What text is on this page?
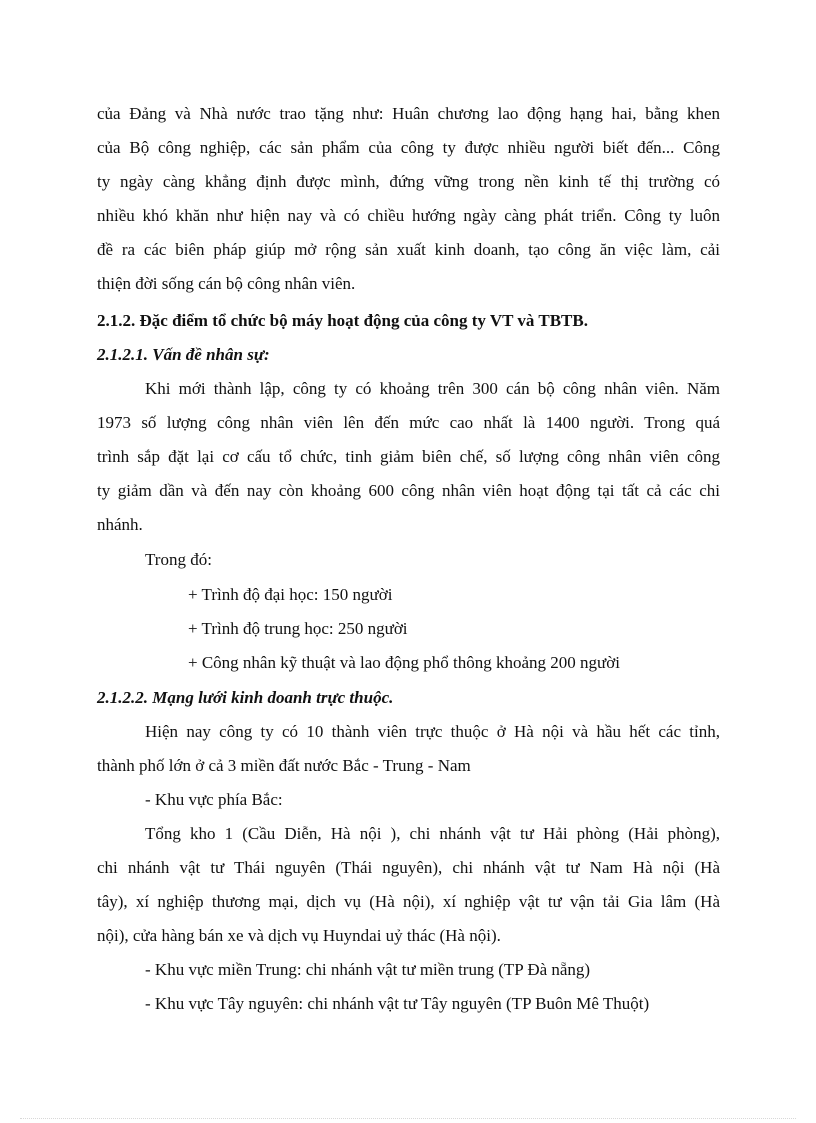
của Đảng và Nhà nước trao tặng như: Huân chương lao động hạng hai, bằng khen
của Bộ công nghiệp, các sản phẩm của công ty được nhiều người biết đến... Công
ty ngày càng khẳng định được mình, đứng vững trong nền kinh tế thị trường có
nhiều khó khăn như hiện nay và có chiều hướng ngày càng phát triển. Công ty luôn
đề ra các biên pháp giúp mở rộng sản xuất kinh doanh, tạo công ăn việc làm, cải
thiện đời sống cán bộ công nhân viên.
2.1.2. Đặc điểm tổ chức bộ máy hoạt động của công ty VT và TBTB.
2.1.2.1. Vấn đề nhân sự:
Khi mới thành lập, công ty có khoảng trên 300 cán bộ công nhân viên. Năm
1973 số lượng công nhân viên lên đến mức cao nhất là 1400 người. Trong quá
trình sắp đặt lại cơ cấu tổ chức, tinh giảm biên chế, số lượng công nhân viên công
ty giảm dần và đến nay còn khoảng 600 công nhân viên hoạt động tại tất cả các chi
nhánh.
Trong đó:
+ Trình độ đại học: 150 người
+ Trình độ trung học: 250 người
+ Công nhân kỹ thuật và lao động phổ thông khoảng 200 người
2.1.2.2. Mạng lưới kinh doanh trực thuộc.
Hiện nay công ty có 10 thành viên trực thuộc ở Hà nội và hầu hết các tỉnh,
thành phố lớn ở cả 3 miền đất nước Bắc - Trung - Nam
- Khu vực phía Bắc:
Tổng kho 1 (Cầu Diễn, Hà nội ), chi nhánh vật tư Hải phòng (Hải phòng),
chi nhánh vật tư Thái nguyên (Thái nguyên), chi nhánh vật tư Nam Hà nội (Hà
tây), xí nghiệp thương mại, dịch vụ (Hà nội), xí nghiệp vật tư vận tải Gia lâm (Hà
nội), cửa hàng bán xe và dịch vụ Huyndai uỷ thác (Hà nội).
- Khu vực miền Trung: chi nhánh vật tư miền trung (TP Đà nẵng)
- Khu vực Tây nguyên: chi nhánh vật tư Tây nguyên (TP Buôn Mê Thuột)
